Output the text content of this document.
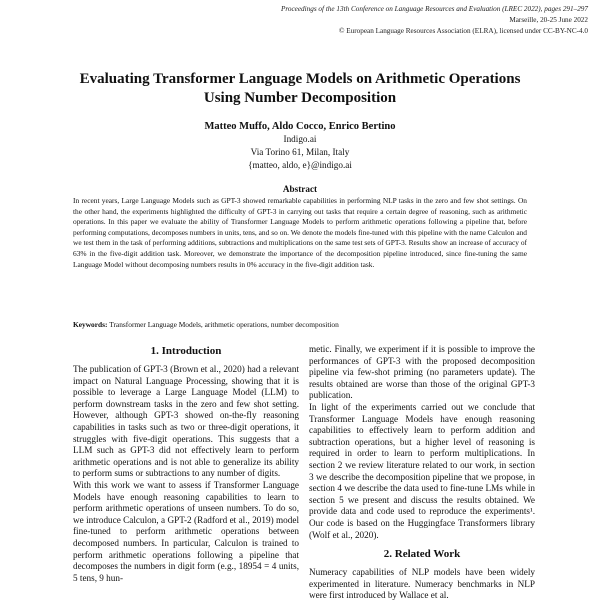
Proceedings of the 13th Conference on Language Resources and Evaluation (LREC 2022), pages 291–297
Marseille, 20-25 June 2022
© European Language Resources Association (ELRA), licensed under CC-BY-NC-4.0
Evaluating Transformer Language Models on Arithmetic Operations
Using Number Decomposition
Matteo Muffo, Aldo Cocco, Enrico Bertino
Indigo.ai
Via Torino 61, Milan, Italy
{matteo, aldo, e}@indigo.ai
Abstract
In recent years, Large Language Models such as GPT-3 showed remarkable capabilities in performing NLP tasks in the zero and few shot settings. On the other hand, the experiments highlighted the difficulty of GPT-3 in carrying out tasks that require a certain degree of reasoning, such as arithmetic operations. In this paper we evaluate the ability of Transformer Language Models to perform arithmetic operations following a pipeline that, before performing computations, decomposes numbers in units, tens, and so on. We denote the models fine-tuned with this pipeline with the name Calculon and we test them in the task of performing additions, subtractions and multiplications on the same test sets of GPT-3. Results show an increase of accuracy of 63% in the five-digit addition task. Moreover, we demonstrate the importance of the decomposition pipeline introduced, since fine-tuning the same Language Model without decomposing numbers results in 0% accuracy in the five-digit addition task.
Keywords: Transformer Language Models, arithmetic operations, number decomposition
1. Introduction

The publication of GPT-3 (Brown et al., 2020) had a relevant impact on Natural Language Processing, showing that it is possible to leverage a Large Language Model (LLM) to perform downstream tasks in the zero and few shot setting. However, although GPT-3 showed on-the-fly reasoning capabilities in tasks such as two or three-digit operations, it struggles with five-digit operations. This suggests that a LLM such as GPT-3 did not effectively learn to perform arithmetic operations and is not able to generalize its ability to perform sums or subtractions to any number of digits.

With this work we want to assess if Transformer Language Models have enough reasoning capabilities to learn to perform arithmetic operations of unseen numbers. To do so, we introduce Calculon, a GPT-2 (Radford et al., 2019) model fine-tuned to perform arithmetic operations between decomposed numbers. In particular, Calculon is trained to perform arithmetic operations following a pipeline that decomposes the numbers in digit form (e.g., 18954 = 4 units, 5 tens, 9 hun-

metic. Finally, we experiment if it is possible to improve the performances of GPT-3 with the proposed decomposition pipeline via few-shot priming (no parameters update). The results obtained are worse than those of the original GPT-3 publication.

In light of the experiments carried out we conclude that Transformer Language Models have enough reasoning capabilities to effectively learn to perform addition and subtraction operations, but a higher level of reasoning is required in order to learn to perform multiplications. In section 2 we review literature related to our work, in section 3 we describe the decomposition pipeline that we propose, in section 4 we describe the data used to fine-tune LMs while in section 5 we present and discuss the results obtained. We provide data and code used to reproduce the experiments¹. Our code is based on the Huggingface Transformers library (Wolf et al., 2020).

2. Related Work

Numeracy capabilities of NLP models have been widely experimented in literature. Numeracy benchmarks in NLP were first introduced by Wallace et al.
